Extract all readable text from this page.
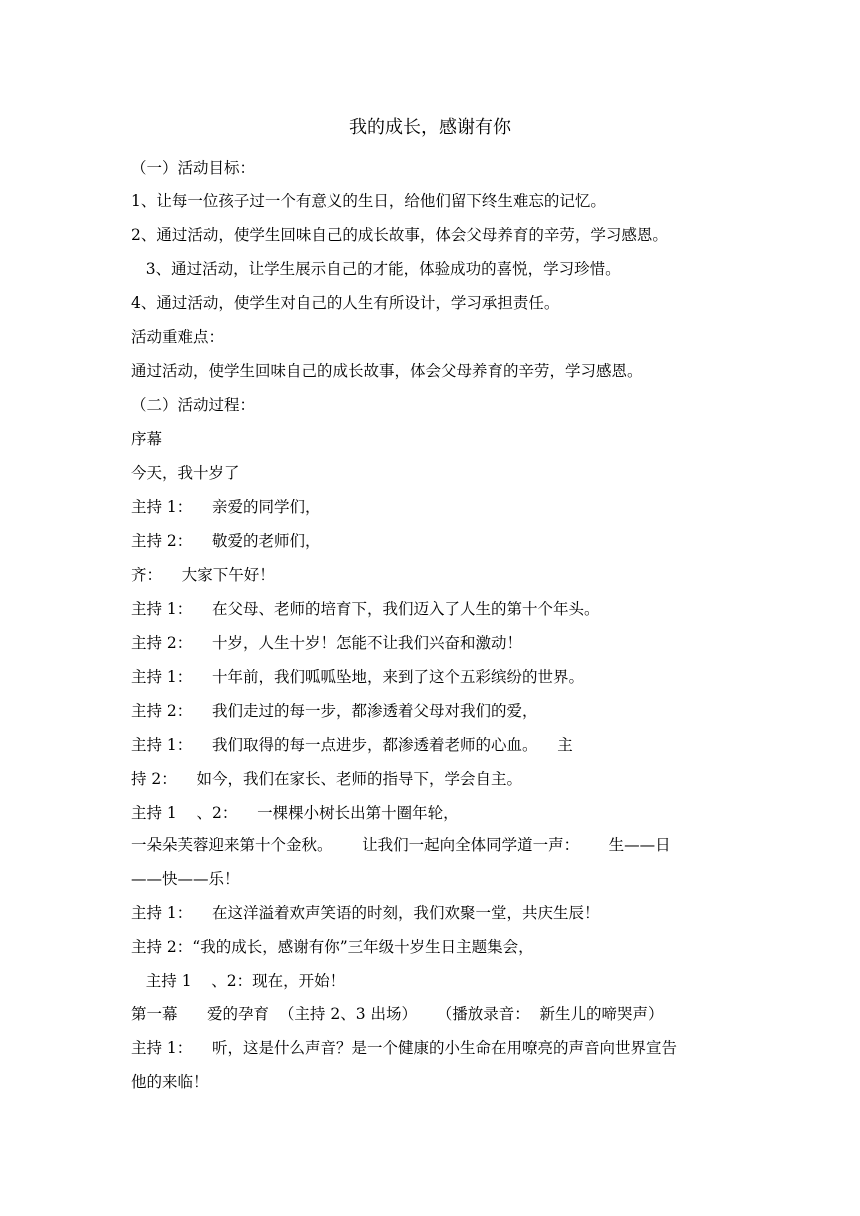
我的成长，感谢有你
（一）活动目标：
1、让每一位孩子过一个有意义的生日，给他们留下终生难忘的记忆。
2、通过活动，使学生回味自己的成长故事，体会父母养育的辛劳，学习感恩。
3、通过活动，让学生展示自己的才能，体验成功的喜悦，学习珍惜。
4、通过活动，使学生对自己的人生有所设计，学习承担责任。
活动重难点：
通过活动，使学生回味自己的成长故事，体会父母养育的辛劳，学习感恩。
（二）活动过程：
序幕
今天，我十岁了
主持 1：    亲爱的同学们，
主持 2：    敬爱的老师们，
齐：    大家下午好！
主持 1：    在父母、老师的培育下，我们迈入了人生的第十个年头。
主持 2：    十岁，人生十岁！怎能不让我们兴奋和激动！
主持 1：    十年前，我们呱呱坠地，来到了这个五彩缤纷的世界。
主持 2：    我们走过的每一步，都渗透着父母对我们的爱，
主持 1：    我们取得的每一点进步，都渗透着老师的心血。    主
持 2：    如今，我们在家长、老师的指导下，学会自主。
主持 1    、2：    一棵棵小树长出第十圈年轮，
一朵朵芙蓉迎来第十个金秋。      让我们一起向全体同学道一声：      生——日
——快——乐！
主持 1：    在这洋溢着欢声笑语的时刻，我们欢聚一堂，共庆生辰！
主持 2：“我的成长，感谢有你”三年级十岁生日主题集会，
主持 1    、2：现在，开始！
第一幕      爱的孕育  （主持 2、3 出场）    （播放录音：  新生儿的啼哭声）
主持 1：    听，这是什么声音？是一个健康的小生命在用嘹亮的声音向世界宣告
他的来临！
